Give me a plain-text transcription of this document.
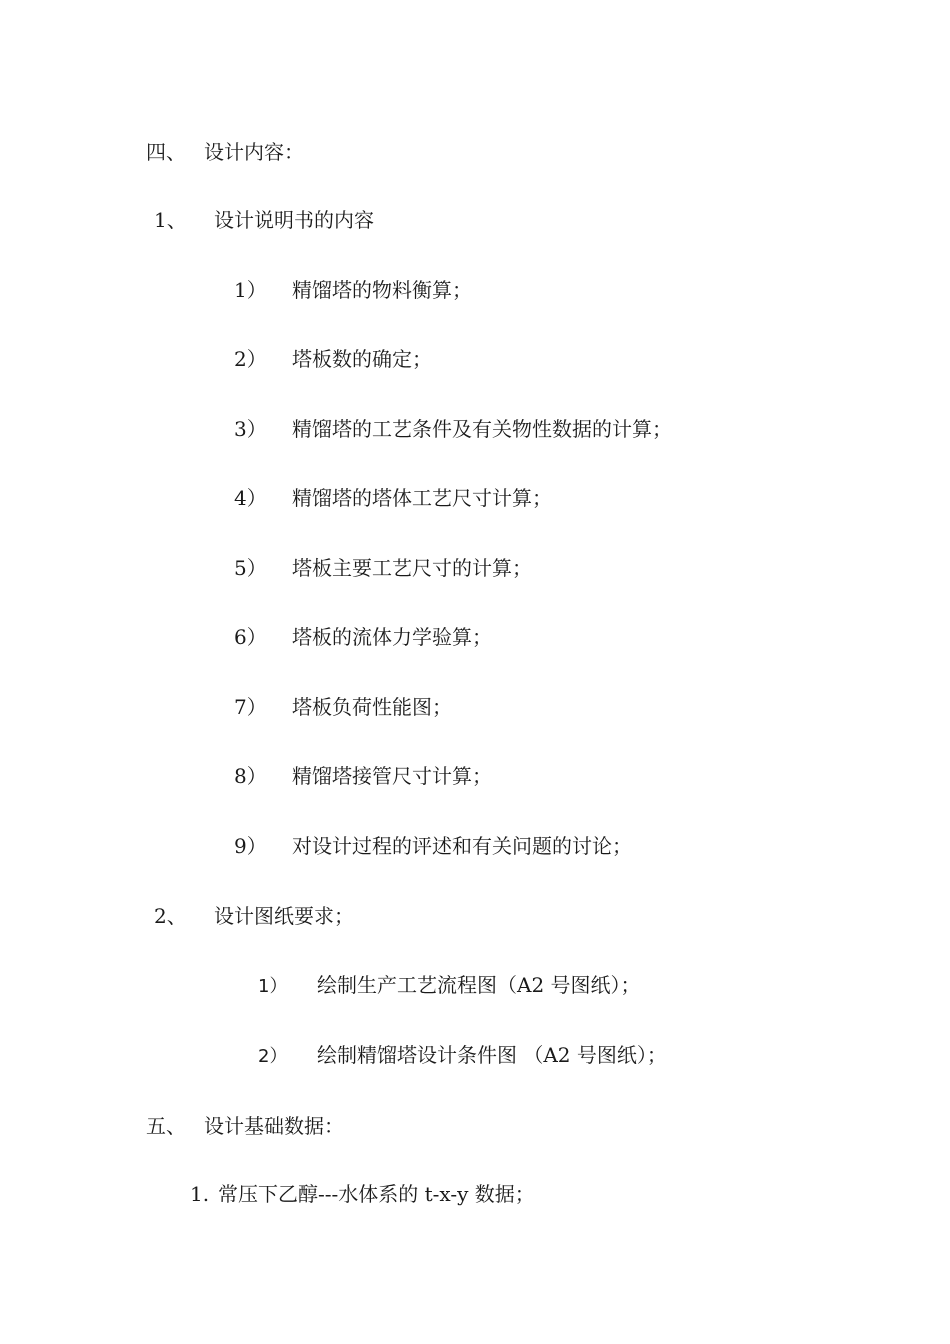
四、 设计内容：
1、	设计说明书的内容
1）	精馏塔的物料衡算；
2）	塔板数的确定；
3）	精馏塔的工艺条件及有关物性数据的计算；
4）	精馏塔的塔体工艺尺寸计算；
5）	塔板主要工艺尺寸的计算；
6）	塔板的流体力学验算；
7）	塔板负荷性能图；
8）	精馏塔接管尺寸计算；
9）	对设计过程的评述和有关问题的讨论；
2、	设计图纸要求；
1）	绘制生产工艺流程图（A2 号图纸）；
2）	绘制精馏塔设计条件图 （A2 号图纸）；
五、 设计基础数据：
1. 常压下乙醇---水体系的 t-x-y 数据；
